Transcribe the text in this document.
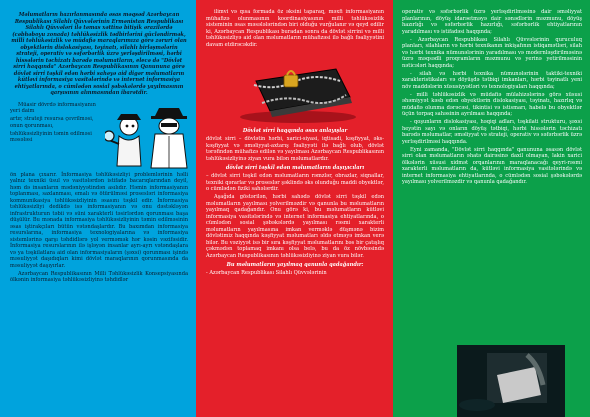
Məlumatların hazırlanmasında əsas məqsəd Azərbaycan Respublikası Silahlı Qüvvələrinin Ermənistan Respublikası Silahlı Qüvvələri ilə təmas xəttinə bitişik ərazilərdə (cəbhəboyu zonada) təhlükəsizlik tədbirlərini gücləndirmək, milli təhlükəsizlik və müdafiə maraqlarımıza görə zəruri olan obyektlərin dislokasiyası, təyinatı, silahlı birləşmələrin strateji, operativ və səfərbərlik üzrə yerləşdirilməsi, hərbi hissələrin təchizatı barədə məlumatların, elecə də "Dövlət sirri haqqında" Azərbaycan Respublikasının Qanununa görə dövlət sirri təşkil edən hərbi sahəyə aid digər məlumatların kütləvi informasiya vasitələrində və internet informasiya ehtiyatlarında, o cümlədən sosial şəbəkələrdə yayılmasının qarşısının alınmasından ibarətdir.

Müasir dövrdə informasiyanın yeri daim

artır, strateji resursa çevrilməsi, onun qorunması,

təhlükəsizliyinin təmin edilməsi məsələsi

ön plana çıxarır. İnformasiya təhlükəsizliyi problemlərinin həlli yalnız texniki üsul və vasitələrdən istifadə bacarıqlarından deyil, həm də insanların mədəniyyətindən asılıdır. Həmin informasiyanın toplanması, saxlanması, emalı və ötürülməsi prosesləri informasiya kommunikasiya təhlükəsizliyinin əsasını təşkil edir. İnformasiya təhlükəsizliyi dedikdə isə informasiyanın və onu dəstəkləyən infrastrukturun təbii və süni xarakterli təsirlərdən qorunması başa düşülür. Bu mənada informasiya təhlükəsizliyinin təmin edilməsinin əsas iştirakçıları bütün vətəndaşlardır. Bu baxımdan informasiya resurslarına, informasiya texnologiyalarına və informasiya sistemlərinə qarşı təhdidlərə yol verməmək hər kəsin vəzifəsidir. İnformasiya resurslarının ilə işləyən insanlar ayrı-ayrı vətəndaşlara və ya təşkilatlara aid olan informasiyaların (şəxsi) qorunması işində məsuliyyət daşıdıqları kimi dövlət maraqlarının qorunmasında da məsuliyyət daşıyırlar.

Azərbaycan Respublikasının Milli Təhlükəsizlik Konsepsiyasında ölkənin informasiya təhlükəsizliyinə təhdidlər

ilimvi və qısa formada öz əksini taparaq, məxfi informasiyanın mühafizə olunmasının koordinasiyasının milli təhlükəsizlik sisteminin əsas məsələlərindən biri olduğu vurğulanır və qeyd edilir ki, Azərbaycan Respublikası buradan sonra da dövlət sirrini və milli təhlükəsizliyə aid olan məlumatların mühafizəsi ilə bağlı fəaliyyətini davam etdirəcəkdir.

Dövlət sirri haqqında əsas anlayışlar

dövlət sirri – dövlətin hərbi, xarici-siyasi, iqtisadi, kəşfiyyat, əks-kəşfiyyat və əməliyyat-axtarış fəaliyyəti ilə bağlı olub, dövlət tərəfindən mühafizə edilən və yayılması Azərbaycan Respublikasının təhlükəsizliyinə ziyan vura bilən məlumatlardır.

dövlət sirri təşkil edən məlumatların daşıyıcıları

– dövlət sirri təşkil edən məlumatların rəmzlər, obrazlar, siqnallar, texniki qərarlar və proseslər şəklində əks olunduğu maddi obyektlər, o cümlədən fiziki sahələrdir.

Aşağıda göstərilən, hərbi sahədə dövlət sirri təşkil edən məlumatların yayılması yolverilməzdir və qanunla bu məlumatların yayılmaq qadağandır. Onu görə ki, bu məlumatların kütləvi informasiya vasitələrində və internet informasiya ehtiyatlarında, o cümlədən sosial şəbəkələrdə yayılması rəsmi xarakterli məlumatların yayılmasına imkan verməklə düşmənə bizim dövlətimiz haqqında kəşfiyyat məlumatları əldə etməyə imkan verə bilər. Bu vəziyyət isə bir sıra kəşfiyyat məlumatlarını bəs bir çatışlıq çəkmədən toplamaq imkanı olsa belə, bu da öz növbəsində Azərbaycan Respublikasının təhlükəsizliyinə ziyan vura bilər.

Bu məlumatların yayılmaq qanunla qadağandır:

- Azərbaycan Respublikası Silahlı Qüvvələrinin

operativ və səfərbərlik üzrə yerləşdirilməsinə dair əməliyyat planlarının, döyüş idarəetməyə dair sənədlərin məzmunu, döyüş hazırlığı və səfərbərlik hazırlığı, səfərbərlik ehtiyatlarının yaradılması və istifadəsi haqqında;

- Azərbaycan Respublikası Silahlı Qüvvələrinin quruculuq planları, silahların və hərbi texnikanın inkişafının istiqamətləri, silah və hərbi texnika nümunələrinin yaradılması və modernləşdirilməsinə üzrə məqsədli proqramların məzmunu və yerinə yetirilməsinin nəticələri haqqında;

- silah və hərbi texnika nümunələrinin taktiki-texniki xarakteristikaları və döyüşdə tətbiqi imkanları, hərbi təyinatlı yeni növ maddələrin xüsusiyyətləri və texnologiyaları haqqında;

- milli təhlükəsizlik və müdafiə mülahizələrinə görə xüsusi əhəmiyyət kəsb edən obyektlərin dislokasiyası, təyinatı, hazırlıq və müdafiə olunma dərəcəsi, tikintisi və istismarı, habelə bu obyektlər üçün torpaq sahəsinin ayrılması haqqında;

- qoşunların dislokasiyası, həqiqi adları, təşkilati strukturu, şəxsi heyətin sayı və onların döyüş tətbiqi, hərbi hissələrin təchizatı barədə məlumatlar, əməliyyat və strateji, operativ və səfərbərlik üzrə yerləşdirilməsi haqqında.

Eyni zamanda, "Dövlət sirri haqqında" qanununa əsasən dövlət sirri olan məlumatların əhatə dairəsinə daxil olmayan, lakin xarici ölkələrin xüsusi xidmət orqanlarının maraqlanacağı qeyri-rəsmi xarakterli məlumatların da, kütləvi informasiya vasitələrində və internet informasiya ehtiyatlarında, o cümlədən sosial şəbəkələrdə yayılması yolverilməzdir və qanunla qadağandır.
